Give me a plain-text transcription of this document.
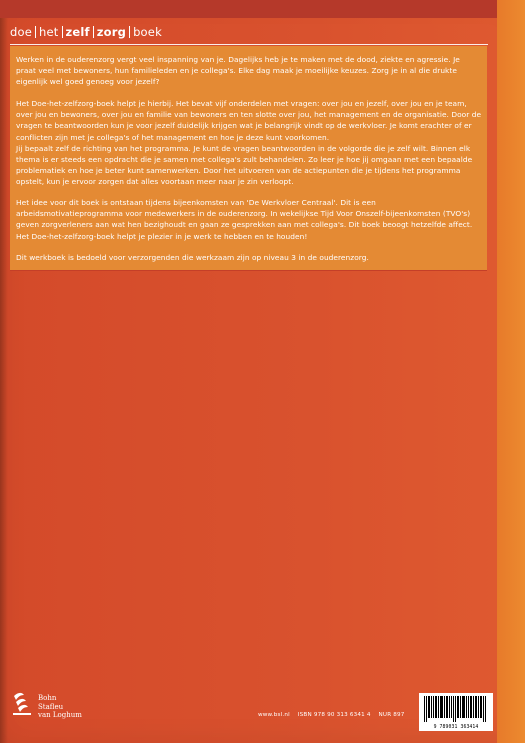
doe het zelf zorg boek

Werken in de ouderenzorg vergt veel inspanning van je. Dagelijks heb je te maken met de dood, ziekte en agressie. Je praat veel met bewoners, hun familieleden en je collega's. Elke dag maak je moeilijke keuzes. Zorg je in al die drukte eigenlijk wel goed genoeg voor jezelf?

Het Doe-het-zelfzorg-boek helpt je hierbij. Het bevat vijf onderdelen met vragen: over jou en jezelf, over jou en je team, over jou en bewoners, over jou en familie van bewoners en ten slotte over jou, het management en de organisatie. Door de vragen te beantwoorden kun je voor jezelf duidelijk krijgen wat je belangrijk vindt op de werkvloer. Je komt erachter of er conflicten zijn met je collega's of het management en hoe je deze kunt voorkomen.
Jij bepaalt zelf de richting van het programma. Je kunt de vragen beantwoorden in de volgorde die je zelf wilt. Binnen elk thema is er steeds een opdracht die je samen met collega's zult behandelen. Zo leer je hoe jij omgaan met een bepaalde problematiek en hoe je beter kunt samenwerken. Door het uitvoeren van de actiepunten die je tijdens het programma opstelt, kun je ervoor zorgen dat alles voortaan meer naar je zin verloopt.

Het idee voor dit boek is ontstaan tijdens bijeenkomsten van 'De Werkvloer Centraal'. Dit is een arbeidsmotivatieprogramma voor medewerkers in de ouderenzorg. In wekelijkse Tijd Voor Onszelf-bijeenkomsten (TVO's) geven zorgverleners aan wat hen bezighoudt en gaan ze gesprekken aan met collega's. Dit boek beoogt hetzelfde affect. Het Doe-het-zelfzorg-boek helpt je plezier in je werk te hebben en te houden!

Dit werkboek is bedoeld voor verzorgenden die werkzaam zijn op niveau 3 in de ouderenzorg.

Bohn
Stafleu
van Loghum	www.bsl.nl ISBN 978 90 313 6341 4 NUR 897
9 789031 363414
